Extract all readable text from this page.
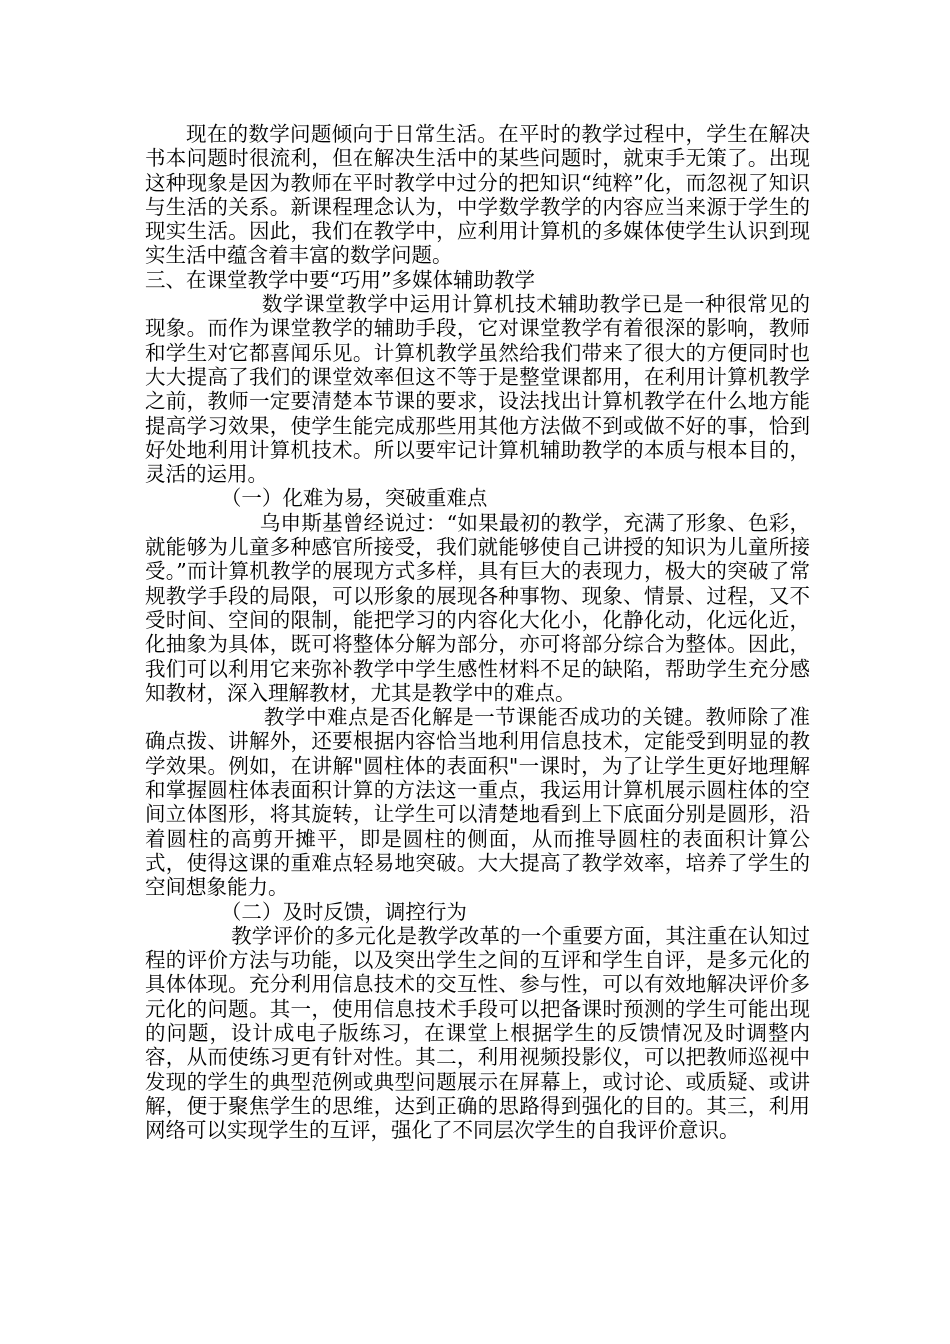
现在的数学问题倾向于日常生活。在平时的教学过程中，学生在解决书本问题时很流利，但在解决生活中的某些问题时，就束手无策了。出现这种现象是因为教师在平时教学中过分的把知识“纯粹”化，而忽视了知识与生活的关系。新课程理念认为，中学数学教学的内容应当来源于学生的现实生活。因此，我们在教学中，应利用计算机的多媒体使学生认识到现实生活中蕴含着丰富的数学问题。

三、在课堂教学中要“巧用”多媒体辅助教学

数学课堂教学中运用计算机技术辅助教学已是一种很常见的现象。而作为课堂教学的辅助手段，它对课堂教学有着很深的影响，教师和学生对它都喜闻乐见。计算机教学虽然给我们带来了很大的方便同时也大大提高了我们的课堂效率但这不等于是整堂课都用，在利用计算机教学之前，教师一定要清楚本节课的要求，设法找出计算机教学在什么地方能提高学习效果，使学生能完成那些用其他方法做不到或做不好的事，恰到好处地利用计算机技术。所以要牢记计算机辅助教学的本质与根本目的，灵活的运用。

（一）化难为易，突破重难点

乌申斯基曾经说过：“如果最初的教学，充满了形象、色彩，就能够为儿童多种感官所接受，我们就能够使自己讲授的知识为儿童所接受。”而计算机教学的展现方式多样，具有巨大的表现力，极大的突破了常规教学手段的局限，可以形象的展现各种事物、现象、情景、过程，又不受时间、空间的限制，能把学习的内容化大化小，化静化动，化远化近，化抽象为具体，既可将整体分解为部分，亦可将部分综合为整体。因此，我们可以利用它来弥补教学中学生感性材料不足的缺陷，帮助学生充分感知教材，深入理解教材，尤其是教学中的难点。

教学中难点是否化解是一节课能否成功的关键。教师除了准确点拨、讲解外，还要根据内容恰当地利用信息技术，定能受到明显的教学效果。例如，在讲解"圆柱体的表面积"一课时，为了让学生更好地理解和掌握圆柱体表面积计算的方法这一重点，我运用计算机展示圆柱体的空间立体图形，将其旋转，让学生可以清楚地看到上下底面分别是圆形，沿着圆柱的高剪开摊平，即是圆柱的侧面，从而推导圆柱的表面积计算公式，使得这课的重难点轻易地突破。大大提高了教学效率，培养了学生的空间想象能力。

（二）及时反馈，调控行为

教学评价的多元化是教学改革的一个重要方面，其注重在认知过程的评价方法与功能，以及突出学生之间的互评和学生自评，是多元化的具体体现。充分利用信息技术的交互性、参与性，可以有效地解决评价多元化的问题。其一，使用信息技术手段可以把备课时预测的学生可能出现的问题，设计成电子版练习，在课堂上根据学生的反馈情况及时调整内容，从而使练习更有针对性。其二，利用视频投影仪，可以把教师巡视中发现的学生的典型范例或典型问题展示在屏幕上，或讨论、或质疑、或讲解，便于聚焦学生的思维，达到正确的思路得到强化的目的。其三，利用网络可以实现学生的互评，强化了不同层次学生的自我评价意识。
